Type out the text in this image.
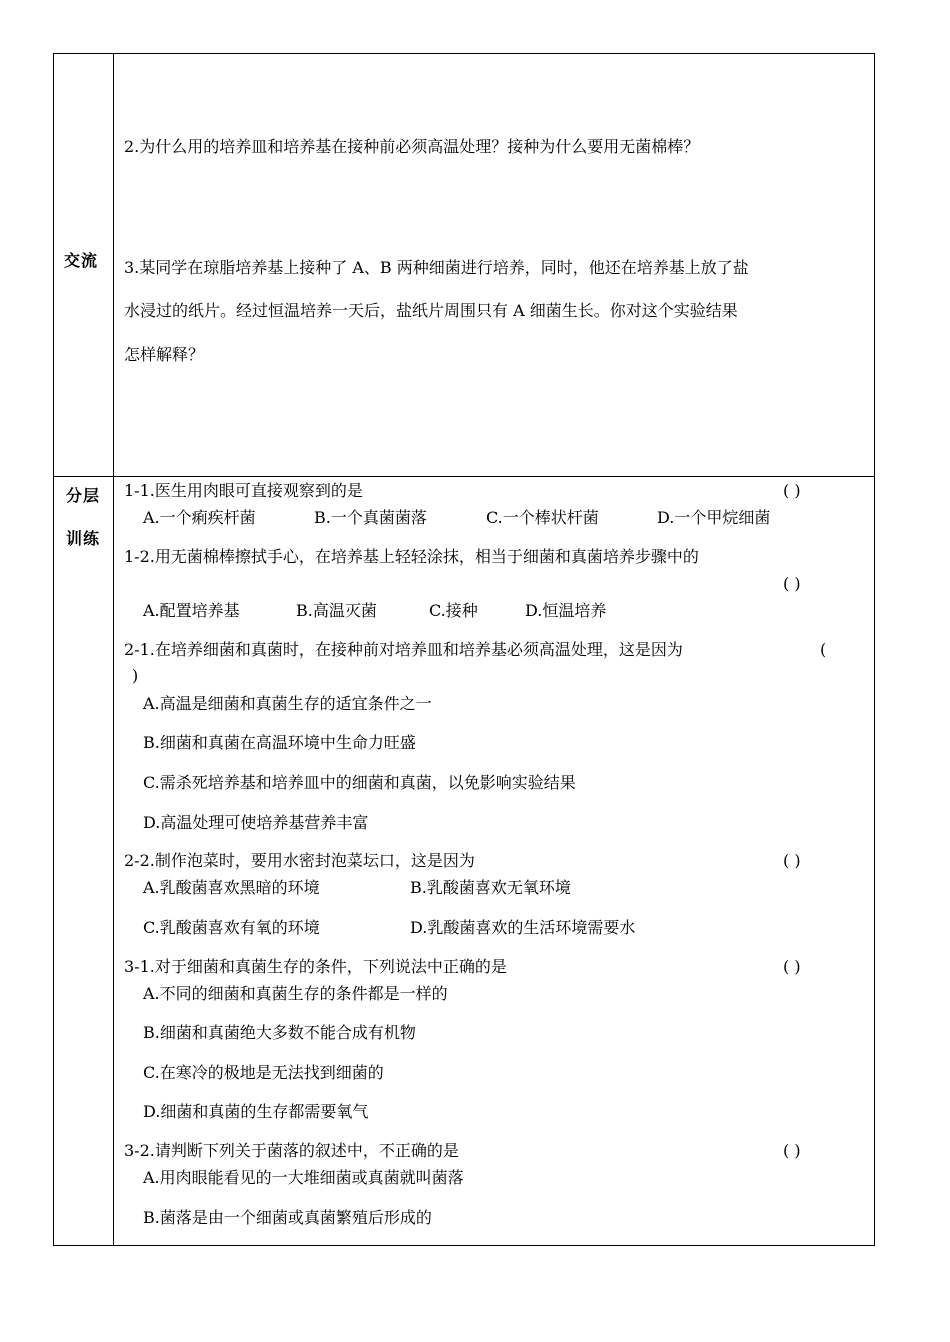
交流
分层
训练
2.为什么用的培养皿和培养基在接种前必须高温处理？接种为什么要用无菌棉棒？
3.某同学在琼脂培养基上接种了 A、B 两种细菌进行培养，同时，他还在培养基上放了盐
水浸过的纸片。经过恒温培养一天后，盐纸片周围只有 A 细菌生长。你对这个实验结果
怎样解释？
1-1.医生用肉眼可直接观察到的是	( )
A.一个痢疾杆菌	B.一个真菌菌落	C.一个棒状杆菌	D.一个甲烷细菌
1-2.用无菌棉棒擦拭手心，在培养基上轻轻涂抹，相当于细菌和真菌培养步骤中的
( )
A.配置培养基	B.高温灭菌	C.接种	D.恒温培养
2-1.在培养细菌和真菌时，在接种前对培养皿和培养基必须高温处理，这是因为	(
)
A.高温是细菌和真菌生存的适宜条件之一
B.细菌和真菌在高温环境中生命力旺盛
C.需杀死培养基和培养皿中的细菌和真菌，以免影响实验结果
D.高温处理可使培养基营养丰富
2-2.制作泡菜时，要用水密封泡菜坛口，这是因为	( )
A.乳酸菌喜欢黑暗的环境	B.乳酸菌喜欢无氧环境
C.乳酸菌喜欢有氧的环境	D.乳酸菌喜欢的生活环境需要水
3-1.对于细菌和真菌生存的条件，下列说法中正确的是	( )
A.不同的细菌和真菌生存的条件都是一样的
B.细菌和真菌绝大多数不能合成有机物
C.在寒冷的极地是无法找到细菌的
D.细菌和真菌的生存都需要氧气
3-2.请判断下列关于菌落的叙述中，不正确的是	( )
A.用肉眼能看见的一大堆细菌或真菌就叫菌落
B.菌落是由一个细菌或真菌繁殖后形成的
